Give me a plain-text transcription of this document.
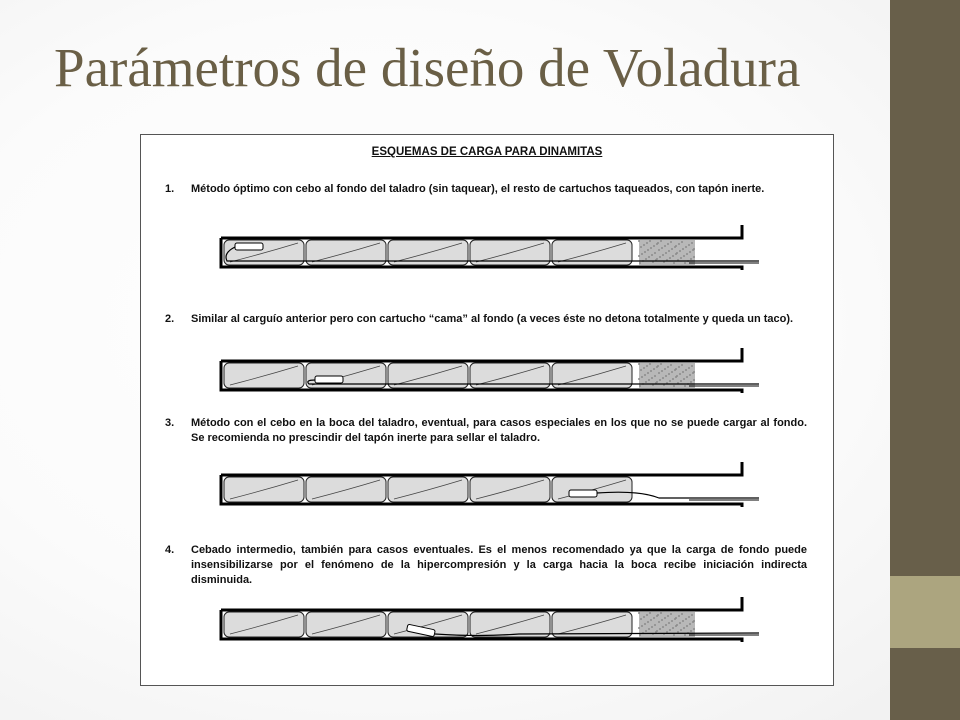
Parámetros de diseño de Voladura
ESQUEMAS DE CARGA PARA DINAMITAS
1.	Método óptimo con cebo al fondo del taladro (sin taquear), el resto de cartuchos taqueados, con tapón inerte.
2.	Similar al carguío anterior pero con cartucho “cama” al fondo (a veces éste no detona totalmente y queda un taco).
3.	Método con el cebo en la boca del taladro, eventual, para casos especiales en los que no se puede cargar al fondo. Se recomienda no prescindir del tapón inerte para sellar el taladro.
4.	Cebado intermedio, también para casos eventuales. Es el menos recomendado ya que la carga de fondo puede insensibilizarse por el fenómeno de la hipercompresión y la carga hacia la boca recibe iniciación indirecta disminuida.
